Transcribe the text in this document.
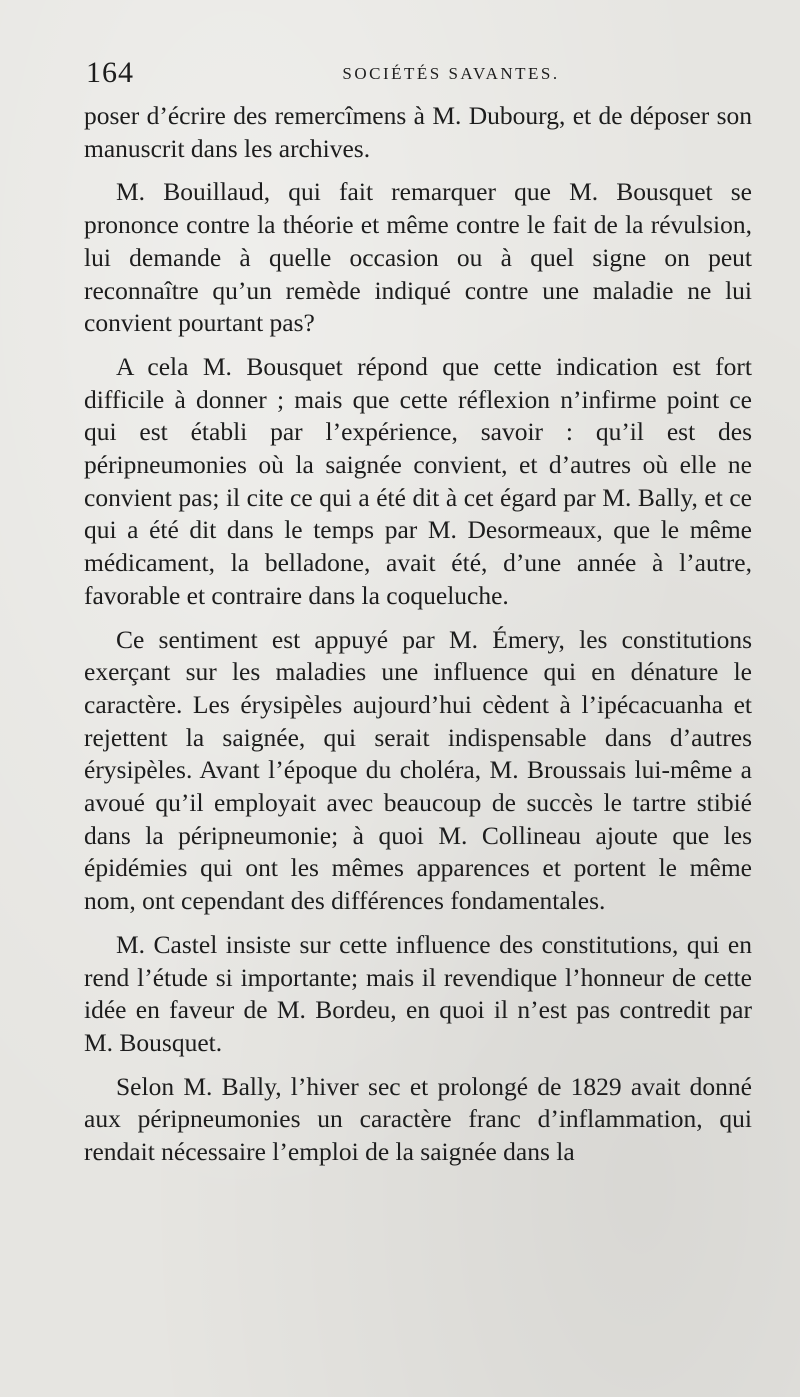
164	SOCIÉTÉS SAVANTES.

poser d’écrire des remercîmens à M. Dubourg, et de déposer son manuscrit dans les archives.

M. Bouillaud, qui fait remarquer que M. Bousquet se prononce contre la théorie et même contre le fait de la révulsion, lui demande à quelle occasion ou à quel signe on peut reconnaître qu’un remède indiqué contre une maladie ne lui convient pourtant pas?

A cela M. Bousquet répond que cette indication est fort difficile à donner ; mais que cette réflexion n’infirme point ce qui est établi par l’expérience, savoir : qu’il est des péripneumonies où la saignée convient, et d’autres où elle ne convient pas; il cite ce qui a été dit à cet égard par M. Bally, et ce qui a été dit dans le temps par M. Desormeaux, que le même médicament, la belladone, avait été, d’une année à l’autre, favorable et contraire dans la coqueluche.

Ce sentiment est appuyé par M. Émery, les constitutions exerçant sur les maladies une influence qui en dénature le caractère. Les érysipèles aujourd’hui cèdent à l’ipécacuanha et rejettent la saignée, qui serait indispensable dans d’autres érysipèles. Avant l’époque du choléra, M. Broussais lui-même a avoué qu’il employait avec beaucoup de succès le tartre stibié dans la péripneumonie; à quoi M. Collineau ajoute que les épidémies qui ont les mêmes apparences et portent le même nom, ont cependant des différences fondamentales.

M. Castel insiste sur cette influence des constitutions, qui en rend l’étude si importante; mais il revendique l’honneur de cette idée en faveur de M. Bordeu, en quoi il n’est pas contredit par M. Bousquet.

Selon M. Bally, l’hiver sec et prolongé de 1829 avait donné aux péripneumonies un caractère franc d’inflammation, qui rendait nécessaire l’emploi de la saignée dans la
